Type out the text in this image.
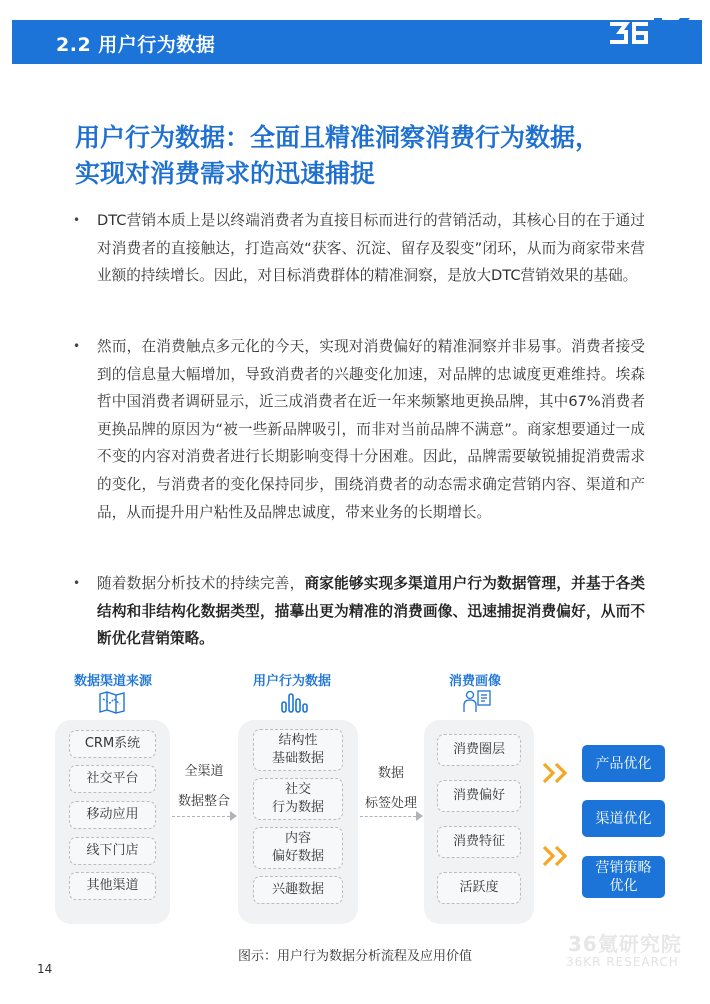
2.2 用户行为数据
用户行为数据：全面且精准洞察消费行为数据，
实现对消费需求的迅速捕捉
• DTC营销本质上是以终端消费者为直接目标而进行的营销活动，其核心目的在于通过对消费者的直接触达，打造高效“获客、沉淀、留存及裂变”闭环，从而为商家带来营业额的持续增长。因此，对目标消费群体的精准洞察，是放大DTC营销效果的基础。
• 然而，在消费触点多元化的今天，实现对消费偏好的精准洞察并非易事。消费者接受到的信息量大幅增加，导致消费者的兴趣变化加速，对品牌的忠诚度更难维持。埃森哲中国消费者调研显示，近三成消费者在近一年来频繁地更换品牌，其中67%消费者更换品牌的原因为“被一些新品牌吸引，而非对当前品牌不满意”。商家想要通过一成不变的内容对消费者进行长期影响变得十分困难。因此，品牌需要敏锐捕捉消费需求的变化，与消费者的变化保持同步，围绕消费者的动态需求确定营销内容、渠道和产品，从而提升用户粘性及品牌忠诚度，带来业务的长期增长。
• 随着数据分析技术的持续完善，商家能够实现多渠道用户行为数据管理，并基于各类结构和非结构化数据类型，描摹出更为精准的消费画像、迅速捕捉消费偏好，从而不断优化营销策略。
数据渠道来源	用户行为数据	消费画像
CRM系统
社交平台
移动应用
线下门店
其他渠道
全渠道
数据整合
结构性
基础数据
社交
行为数据
内容
偏好数据
兴趣数据
数据
标签处理
消费圈层
消费偏好
消费特征
活跃度
产品优化
渠道优化
营销策略
优化
36氪研究院
36KR RESEARCH
图示：用户行为数据分析流程及应用价值
14
